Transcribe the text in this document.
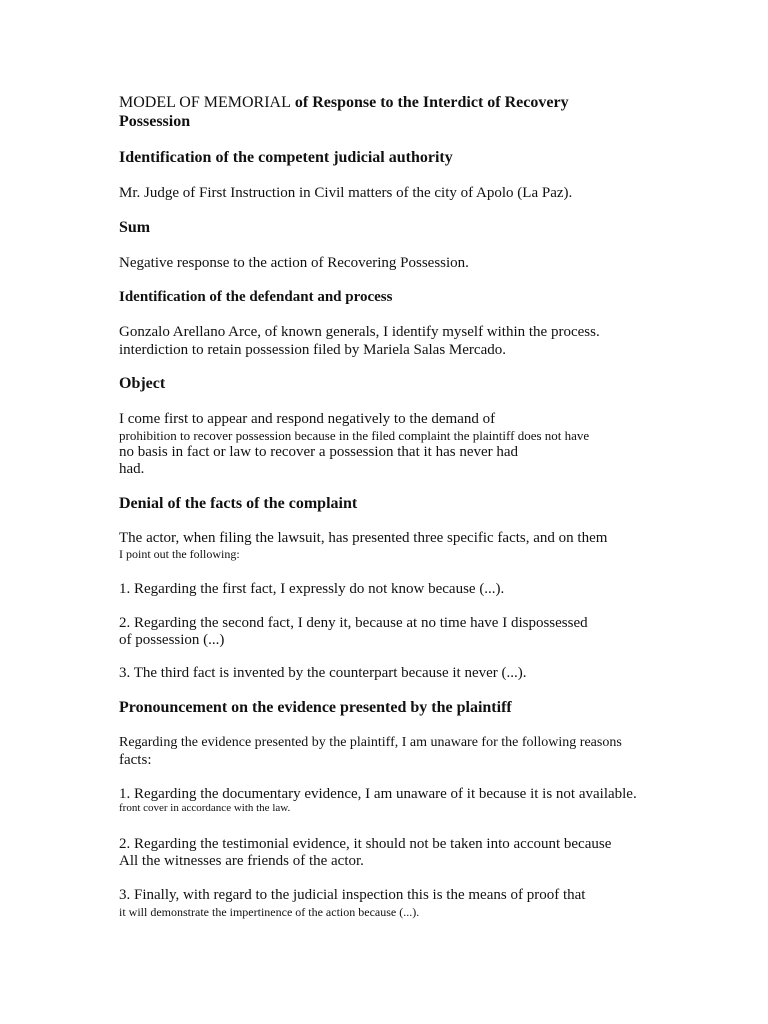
MODEL OF MEMORIAL of Response to the Interdict of Recovery
Possession
Identification of the competent judicial authority
Mr. Judge of First Instruction in Civil matters of the city of Apolo (La Paz).
Sum
Negative response to the action of Recovering Possession.
Identification of the defendant and process
Gonzalo Arellano Arce, of known generals, I identify myself within the process.
interdiction to retain possession filed by Mariela Salas Mercado.
Object
I come first to appear and respond negatively to the demand of
prohibition to recover possession because in the filed complaint the plaintiff does not have
no basis in fact or law to recover a possession that it has never had
had.
Denial of the facts of the complaint
The actor, when filing the lawsuit, has presented three specific facts, and on them
I point out the following:
1. Regarding the first fact, I expressly do not know because (...).
2. Regarding the second fact, I deny it, because at no time have I dispossessed
of possession (...)
3. The third fact is invented by the counterpart because it never (...).
Pronouncement on the evidence presented by the plaintiff
Regarding the evidence presented by the plaintiff, I am unaware for the following reasons
facts:
1. Regarding the documentary evidence, I am unaware of it because it is not available.
front cover in accordance with the law.
2. Regarding the testimonial evidence, it should not be taken into account because
All the witnesses are friends of the actor.
3. Finally, with regard to the judicial inspection this is the means of proof that
it will demonstrate the impertinence of the action because (...).
